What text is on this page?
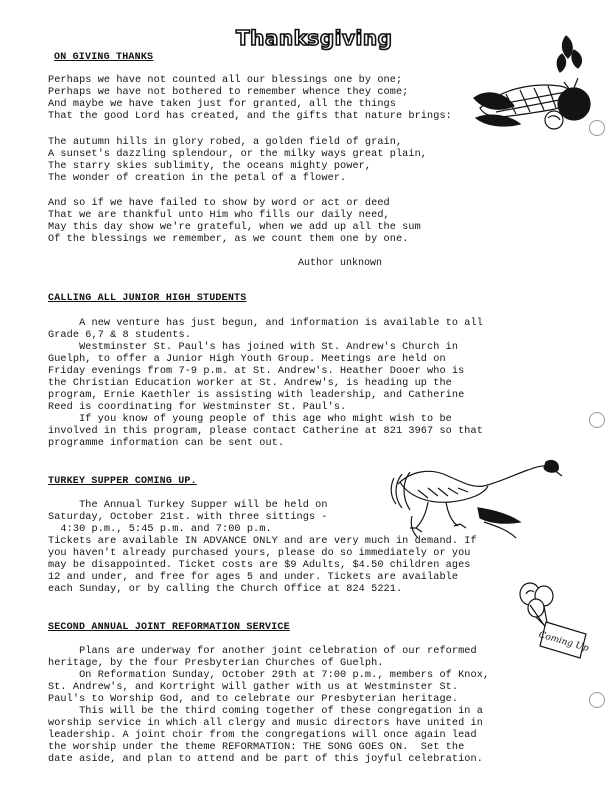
Thanksgiving
ON GIVING THANKS
Perhaps we have not counted all our blessings one by one;
Perhaps we have not bothered to remember whence they come;
And maybe we have taken just for granted, all the things
That the good Lord has created, and the gifts that nature brings:
The autumn hills in glory robed, a golden field of grain,
A sunset's dazzling splendour, or the milky ways great plain,
The starry skies sublimity, the oceans mighty power,
The wonder of creation in the petal of a flower.
And so if we have failed to show by word or act or deed
That we are thankful unto Him who fills our daily need,
May this day show we're grateful, when we add up all the sum
Of the blessings we remember, as we count them one by one.
Author unknown
CALLING ALL JUNIOR HIGH STUDENTS
A new venture has just begun, and information is available to all
Grade 6,7 & 8 students.
Westminster St. Paul's has joined with St. Andrew's Church in
Guelph, to offer a Junior High Youth Group. Meetings are held on
Friday evenings from 7-9 p.m. at St. Andrew's. Heather Dooer who is
the Christian Education worker at St. Andrew's, is heading up the
program, Ernie Kaethler is assisting with leadership, and Catherine
Reed is coordinating for Westminster St. Paul's.
If you know of young people of this age who might wish to be
involved in this program, please contact Catherine at 821 3967 so that
programme information can be sent out.
TURKEY SUPPER COMING UP.
The Annual Turkey Supper will be held on
Saturday, October 21st. with three sittings -
4:30 p.m., 5:45 p.m. and 7:00 p.m.
Tickets are available IN ADVANCE ONLY and are very much in demand. If
you haven't already purchased yours, please do so immediately or you
may be disappointed. Ticket costs are $9 Adults, $4.50 children ages
12 and under, and free for ages 5 and under. Tickets are available
each Sunday, or by calling the Church Office at 824 5221.
SECOND ANNUAL JOINT REFORMATION SERVICE
Plans are underway for another joint celebration of our reformed
heritage, by the four Presbyterian Churches of Guelph.
On Reformation Sunday, October 29th at 7:00 p.m., members of Knox,
St. Andrew's, and Kortright will gather with us at Westminster St.
Paul's to Worship God, and to celebrate our Presbyterian heritage.
This will be the third coming together of these congregation in a
worship service in which all clergy and music directors have united in
leadership. A joint choir from the congregations will once again lead
the worship under the theme REFORMATION: THE SONG GOES ON.  Set the
date aside, and plan to attend and be part of this joyful celebration.
Coming Up
